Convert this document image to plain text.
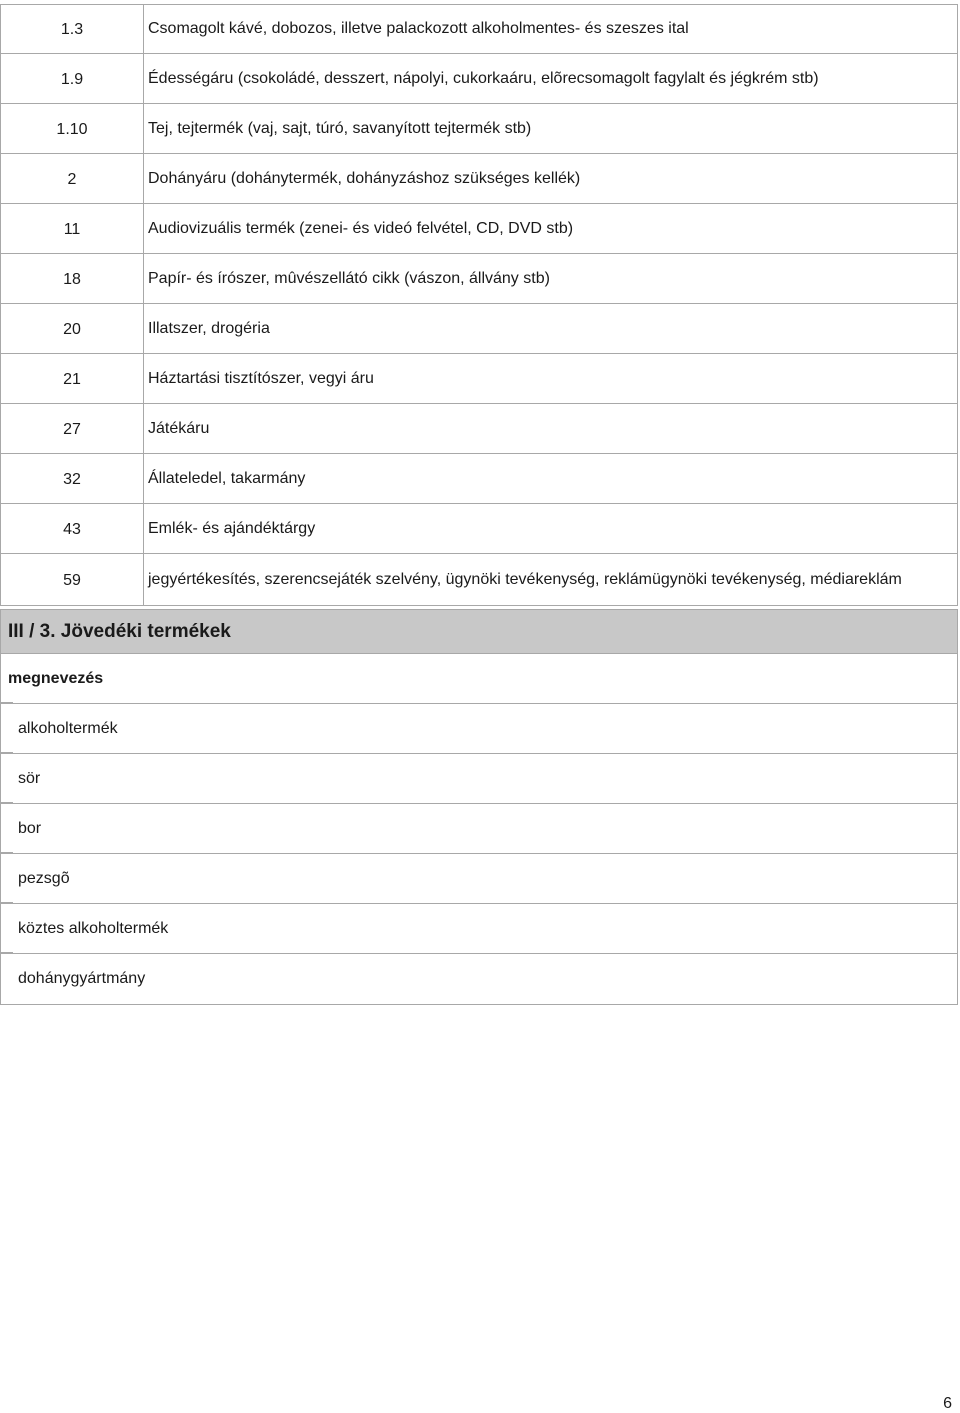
1.3	Csomagolt kávé, dobozos, illetve palackozott alkoholmentes- és szeszes ital
1.9	Édességáru (csokoládé, desszert, nápolyi, cukorkaáru, elõrecsomagolt fagylalt és jégkrém stb)
1.10	Tej, tejtermék (vaj, sajt, túró, savanyított tejtermék stb)
2	Dohányáru (dohánytermék, dohányzáshoz szükséges kellék)
11	Audiovizuális termék (zenei- és videó felvétel, CD, DVD stb)
18	Papír- és írószer, mûvészellátó cikk (vászon, állvány stb)
20	Illatszer, drogéria
21	Háztartási tisztítószer, vegyi áru
27	Játékáru
32	Állateledel, takarmány
43	Emlék- és ajándéktárgy
59	jegyértékesítés, szerencsejáték szelvény, ügynöki tevékenység, reklámügynöki tevékenység, médiareklám
III / 3. Jövedéki termékek
megnevezés
alkoholtermék
sör
bor
pezsgõ
köztes alkoholtermék
dohánygyártmány
6
